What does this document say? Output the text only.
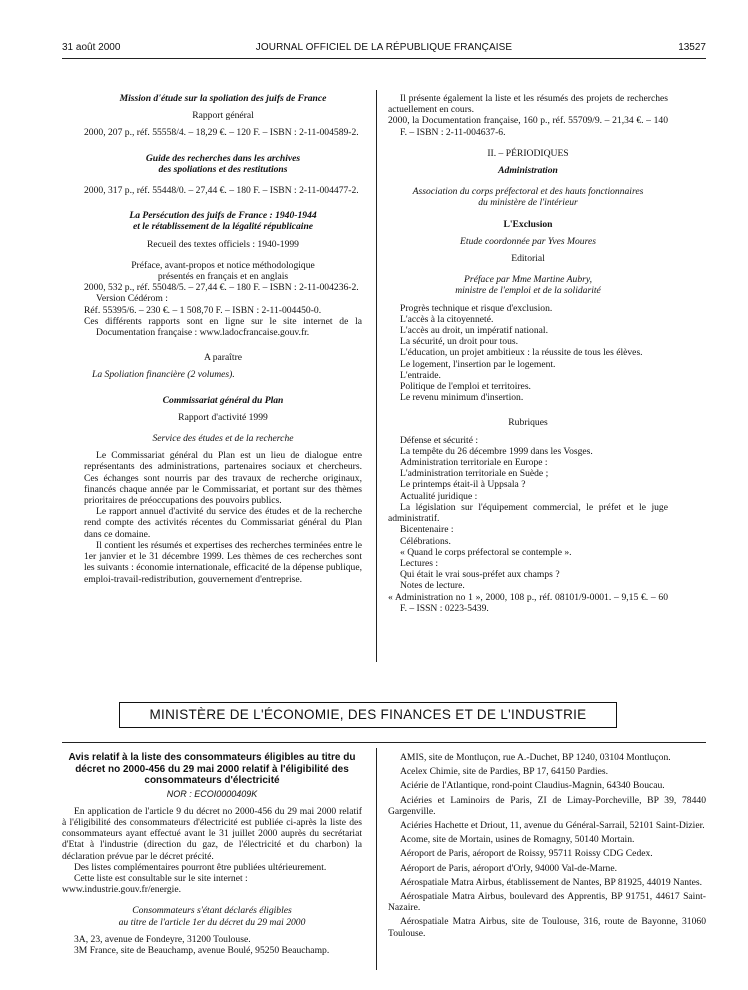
31 août 2000	JOURNAL OFFICIEL DE LA RÉPUBLIQUE FRANÇAISE	13527
Mission d'étude sur la spoliation des juifs de France
Rapport général
2000, 207 p., réf. 55558/4. – 18,29 €. – 120 F. – ISBN : 2-11-004589-2.
Guide des recherches dans les archives
des spoliations et des restitutions
2000, 317 p., réf. 55448/0. – 27,44 €. – 180 F. – ISBN : 2-11-004477-2.
La Persécution des juifs de France : 1940-1944
et le rétablissement de la légalité républicaine
Recueil des textes officiels : 1940-1999
Préface, avant-propos et notice méthodologique
présentés en français et en anglais
2000, 532 p., réf. 55048/5. – 27,44 €. – 180 F. – ISBN : 2-11-004236-2.
Version Cédérom :
Réf. 55395/6. – 230 €. – 1 508,70 F. – ISBN : 2-11-004450-0.
Ces différents rapports sont en ligne sur le site internet de la Documentation française : www.ladocfrancaise.gouv.fr.
A paraître
La Spoliation financière (2 volumes).
Commissariat général du Plan
Rapport d'activité 1999
Service des études et de la recherche
Le Commissariat général du Plan est un lieu de dialogue entre représentants des administrations, partenaires sociaux et chercheurs. Ces échanges sont nourris par des travaux de recherche originaux, financés chaque année par le Commissariat, et portant sur des thèmes prioritaires de préoccupations des pouvoirs publics.
Le rapport annuel d'activité du service des études et de la recherche rend compte des activités récentes du Commissariat général du Plan dans ce domaine.
Il contient les résumés et expertises des recherches terminées entre le 1er janvier et le 31 décembre 1999. Les thèmes de ces recherches sont les suivants : économie internationale, efficacité de la dépense publique, emploi-travail-redistribution, gouvernement d'entreprise.
Il présente également la liste et les résumés des projets de recherches actuellement en cours.
2000, la Documentation française, 160 p., réf. 55709/9. – 21,34 €. – 140 F. – ISBN : 2-11-004637-6.
II. – PÉRIODIQUES
Administration
Association du corps préfectoral et des hauts fonctionnaires
du ministère de l'intérieur
L'Exclusion
Etude coordonnée par Yves Moures
Editorial
Préface par Mme Martine Aubry,
ministre de l'emploi et de la solidarité
Progrès technique et risque d'exclusion.
L'accès à la citoyenneté.
L'accès au droit, un impératif national.
La sécurité, un droit pour tous.
L'éducation, un projet ambitieux : la réussite de tous les élèves.
Le logement, l'insertion par le logement.
L'entraide.
Politique de l'emploi et territoires.
Le revenu minimum d'insertion.
Rubriques
Défense et sécurité :
La tempête du 26 décembre 1999 dans les Vosges.
Administration territoriale en Europe :
L'administration territoriale en Suède ;
Le printemps était-il à Uppsala ?
Actualité juridique :
La législation sur l'équipement commercial, le préfet et le juge administratif.
Bicentenaire :
Célébrations.
« Quand le corps préfectoral se contemple ».
Lectures :
Qui était le vrai sous-préfet aux champs ?
Notes de lecture.
« Administration no 1 », 2000, 108 p., réf. 08101/9-0001. – 9,15 €. – 60 F. – ISSN : 0223-5439.
MINISTÈRE DE L'ÉCONOMIE, DES FINANCES ET DE L'INDUSTRIE
Avis relatif à la liste des consommateurs éligibles au titre du décret no 2000-456 du 29 mai 2000 relatif à l'éligibilité des consommateurs d'électricité
NOR : ECOI0000409K
En application de l'article 9 du décret no 2000-456 du 29 mai 2000 relatif à l'éligibilité des consommateurs d'électricité est publiée ci-après la liste des consommateurs ayant effectué avant le 31 juillet 2000 auprès du secrétariat d'Etat à l'industrie (direction du gaz, de l'électricité et du charbon) la déclaration prévue par le décret précité.
Des listes complémentaires pourront être publiées ultérieurement.
Cette liste est consultable sur le site internet :
www.industrie.gouv.fr/energie.
Consommateurs s'étant déclarés éligibles
au titre de l'article 1er du décret du 29 mai 2000
3A, 23, avenue de Fondeyre, 31200 Toulouse.
3M France, site de Beauchamp, avenue Boulé, 95250 Beauchamp.
AMIS, site de Montluçon, rue A.-Duchet, BP 1240, 03104 Montluçon.
Acelex Chimie, site de Pardies, BP 17, 64150 Pardies.
Aciérie de l'Atlantique, rond-point Claudius-Magnin, 64340 Boucau.
Aciéries et Laminoirs de Paris, ZI de Limay-Porcheville, BP 39, 78440 Gargenville.
Aciéries Hachette et Driout, 11, avenue du Général-Sarrail, 52101 Saint-Dizier.
Acome, site de Mortain, usines de Romagny, 50140 Mortain.
Aéroport de Paris, aéroport de Roissy, 95711 Roissy CDG Cedex.
Aéroport de Paris, aéroport d'Orly, 94000 Val-de-Marne.
Aérospatiale Matra Airbus, établissement de Nantes, BP 81925, 44019 Nantes.
Aérospatiale Matra Airbus, boulevard des Apprentis, BP 91751, 44617 Saint-Nazaire.
Aérospatiale Matra Airbus, site de Toulouse, 316, route de Bayonne, 31060 Toulouse.
